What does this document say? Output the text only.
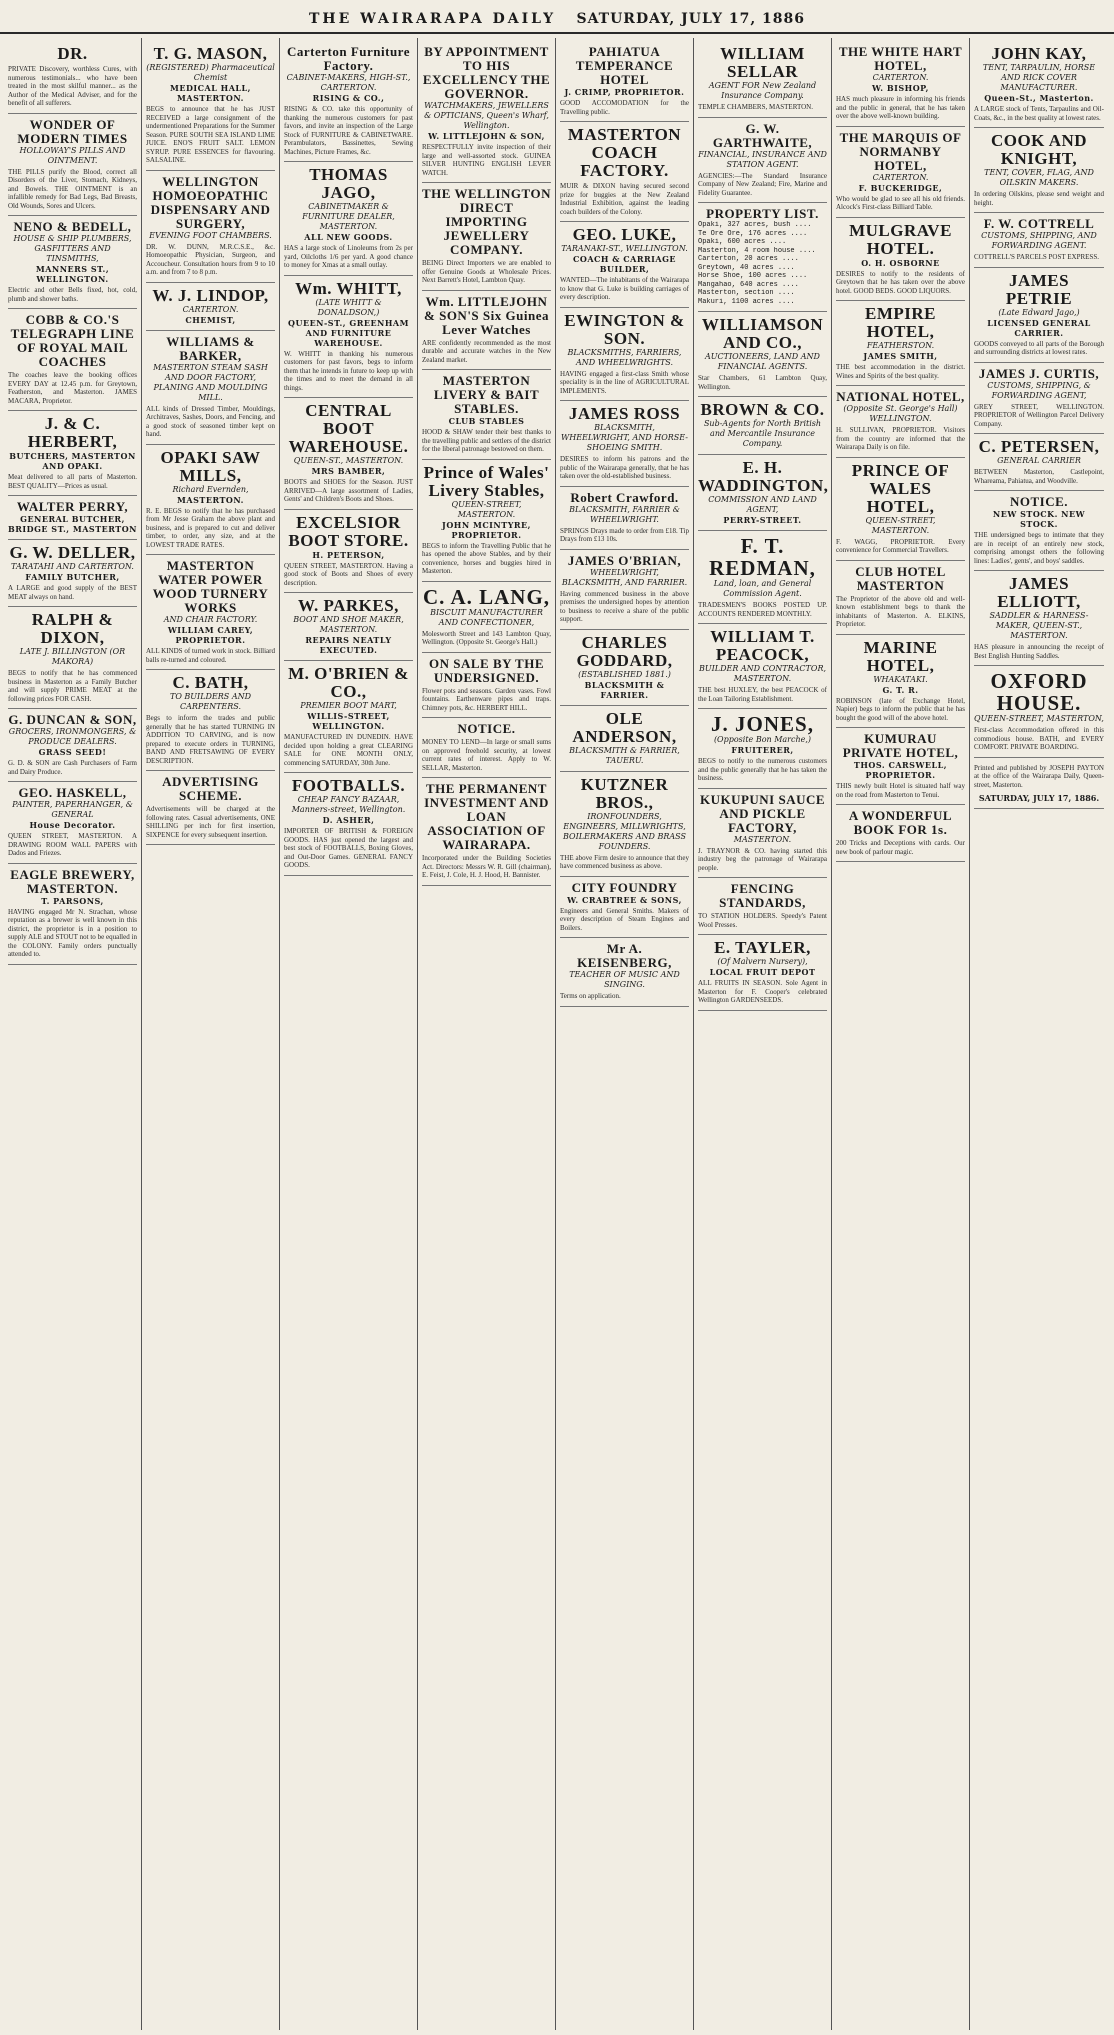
THE WAIRARAPA DAILY SATURDAY, JULY 17, 1886
DR.
PRIVATE Discovery, worthless Cures, with numerous testimonials... who have been treated in the most skilful manner... as the Author of the Medical Adviser, and for the benefit of all sufferers.
WONDER OF MODERN TIMES
HOLLOWAY'S PILLS AND OINTMENT.
THE PILLS purify the Blood, correct all Disorders of the Liver, Stomach, Kidneys, and Bowels. THE OINTMENT is an infallible remedy for Bad Legs, Bad Breasts, Old Wounds, Sores and Ulcers.
NENO & BEDELL,
HOUSE & SHIP PLUMBERS, GASFITTERS AND TINSMITHS,
MANNERS ST., WELLINGTON.
Electric and other Bells fixed, hot, cold, plumb and shower baths.
COBB & CO.'S TELEGRAPH LINE OF ROYAL MAIL COACHES
The coaches leave the booking offices EVERY DAY at 12.45 p.m. for Greytown, Featherston, and Masterton. JAMES MACARA, Proprietor.
J. & C. HERBERT,
BUTCHERS, MASTERTON AND OPAKI.
Meat delivered to all parts of Masterton. BEST QUALITY—Prices as usual.
WALTER PERRY,
GENERAL BUTCHER, BRIDGE ST., MASTERTON
G. W. DELLER,
TARATAHI AND CARTERTON.
FAMILY BUTCHER,
A LARGE and good supply of the BEST MEAT always on hand.
RALPH & DIXON,
LATE J. BILLINGTON (OR MAKORA)
BEGS to notify that he has commenced business in Masterton as a Family Butcher and will supply PRIME MEAT at the following prices FOR CASH.
G. DUNCAN & SON,
GROCERS, IRONMONGERS, & PRODUCE DEALERS.
GRASS SEED!
G. D. & SON are Cash Purchasers of Farm and Dairy Produce.
GEO. HASKELL,
PAINTER, PAPERHANGER, & GENERAL
House Decorator.
QUEEN STREET, MASTERTON. A DRAWING ROOM WALL PAPERS with Dados and Friezes.
EAGLE BREWERY, MASTERTON.
T. PARSONS,
HAVING engaged Mr N. Strachan, whose reputation as a brewer is well known in this district, the proprietor is in a position to supply ALE and STOUT not to be equalled in the COLONY. Family orders punctually attended to.
T. G. MASON,
(REGISTERED) Pharmaceutical Chemist
MEDICAL HALL, MASTERTON.
BEGS to announce that he has JUST RECEIVED a large consignment of the undermentioned Preparations for the Summer Season. PURE SOUTH SEA ISLAND LIME JUICE. ENO'S FRUIT SALT. LEMON SYRUP. PURE ESSENCES for flavouring. SALSALINE.
WELLINGTON HOMOEOPATHIC DISPENSARY AND SURGERY,
EVENING FOOT CHAMBERS.
DR. W. DUNN, M.R.C.S.E., &c. Homoeopathic Physician, Surgeon, and Accoucheur. Consultation hours from 9 to 10 a.m. and from 7 to 8 p.m.
W. J. LINDOP,
CARTERTON.
CHEMIST,
WILLIAMS & BARKER,
MASTERTON STEAM SASH AND DOOR FACTORY, PLANING AND MOULDING MILL.
ALL kinds of Dressed Timber, Mouldings, Architraves, Sashes, Doors, and Fencing, and a good stock of seasoned timber kept on hand.
OPAKI SAW MILLS,
Richard Evernden,
MASTERTON.
R. E. BEGS to notify that he has purchased from Mr Jesse Graham the above plant and business, and is prepared to cut and deliver timber, to order, any size, and at the LOWEST TRADE RATES.
MASTERTON WATER POWER WOOD TURNERY WORKS
AND CHAIR FACTORY.
WILLIAM CAREY, PROPRIETOR.
ALL KINDS of turned work in stock. Billiard balls re-turned and coloured.
C. BATH,
TO BUILDERS AND CARPENTERS.
Begs to inform the trades and public generally that he has started TURNING IN ADDITION TO CARVING, and is now prepared to execute orders in TURNING, BAND AND FRETSAWING OF EVERY DESCRIPTION.
ADVERTISING SCHEME.
Advertisements will be charged at the following rates. Casual advertisements, ONE SHILLING per inch for first insertion, SIXPENCE for every subsequent insertion.
Carterton Furniture Factory.
CABINET-MAKERS, HIGH-ST., CARTERTON.
RISING & CO.,
RISING & CO. take this opportunity of thanking the numerous customers for past favors, and invite an inspection of the Large Stock of FURNITURE & CABINETWARE. Perambulators, Bassinettes, Sewing Machines, Picture Frames, &c.
THOMAS JAGO,
CABINETMAKER & FURNITURE DEALER, MASTERTON.
ALL NEW GOODS.
HAS a large stock of Linoleums from 2s per yard, Oilcloths 1/6 per yard. A good chance to money for Xmas at a small outlay.
Wm. WHITT,
(LATE WHITT & DONALDSON,)
QUEEN-ST., GREENHAM AND FURNITURE WAREHOUSE.
W. WHITT in thanking his numerous customers for past favors, begs to inform them that he intends in future to keep up with the times and to meet the demand in all things.
CENTRAL BOOT WAREHOUSE.
QUEEN-ST., MASTERTON.
MRS BAMBER,
BOOTS and SHOES for the Season. JUST ARRIVED—A large assortment of Ladies, Gents' and Children's Boots and Shoes.
EXCELSIOR BOOT STORE.
H. PETERSON,
QUEEN STREET, MASTERTON. Having a good stock of Boots and Shoes of every description.
W. PARKES,
BOOT AND SHOE MAKER, MASTERTON.
REPAIRS NEATLY EXECUTED.
M. O'BRIEN & CO.,
PREMIER BOOT MART,
WILLIS-STREET, WELLINGTON.
MANUFACTURED IN DUNEDIN. HAVE decided upon holding a great CLEARING SALE for ONE MONTH ONLY, commencing SATURDAY, 30th June.
FOOTBALLS.
CHEAP FANCY BAZAAR, Manners-street, Wellington.
D. ASHER,
IMPORTER OF BRITISH & FOREIGN GOODS. HAS just opened the largest and best stock of FOOTBALLS, Boxing Gloves, and Out-Door Games. GENERAL FANCY GOODS.
BY APPOINTMENT TO HIS EXCELLENCY THE GOVERNOR.
WATCHMAKERS, JEWELLERS & OPTICIANS, Queen's Wharf, Wellington.
W. LITTLEJOHN & SON,
RESPECTFULLY invite inspection of their large and well-assorted stock. GUINEA SILVER HUNTING ENGLISH LEVER WATCH.
THE WELLINGTON DIRECT IMPORTING JEWELLERY COMPANY.
BEING Direct Importers we are enabled to offer Genuine Goods at Wholesale Prices. Next Barrett's Hotel, Lambton Quay.
Wm. LITTLEJOHN & SON'S Six Guinea Lever Watches
ARE confidently recommended as the most durable and accurate watches in the New Zealand market.
MASTERTON LIVERY & BAIT STABLES.
CLUB STABLES
HOOD & SHAW tender their best thanks to the travelling public and settlers of the district for the liberal patronage bestowed on them.
Prince of Wales' Livery Stables,
QUEEN-STREET, MASTERTON.
JOHN MCINTYRE, PROPRIETOR.
BEGS to inform the Travelling Public that he has opened the above Stables, and by their convenience, horses and buggies hired in Masterton.
C. A. LANG,
BISCUIT MANUFACTURER AND CONFECTIONER,
Molesworth Street and 143 Lambton Quay, Wellington. (Opposite St. George's Hall.)
ON SALE BY THE UNDERSIGNED.
Flower pots and seasons. Garden vases. Fowl fountains. Earthenware pipes and traps. Chimney pots, &c. HERBERT HILL.
NOTICE.
MONEY TO LEND—In large or small sums on approved freehold security, at lowest current rates of interest. Apply to W. SELLAR, Masterton.
THE PERMANENT INVESTMENT AND LOAN ASSOCIATION OF WAIRARAPA.
Incorporated under the Building Societies Act. Directors: Messrs W. R. Gill (chairman), E. Feist, J. Cole, H. J. Hood, H. Bannister.
PAHIATUA TEMPERANCE HOTEL
J. CRIMP, PROPRIETOR.
GOOD ACCOMODATION for the Travelling public.
MASTERTON COACH FACTORY.
MUIR & DIXON having secured second prize for buggies at the New Zealand Industrial Exhibition, against the leading coach builders of the Colony.
GEO. LUKE,
TARANAKI-ST., WELLINGTON.
COACH & CARRIAGE BUILDER,
WANTED—The inhabitants of the Wairarapa to know that G. Luke is building carriages of every description.
EWINGTON & SON.
BLACKSMITHS, FARRIERS, AND WHEELWRIGHTS.
HAVING engaged a first-class Smith whose speciality is in the line of AGRICULTURAL IMPLEMENTS.
JAMES ROSS
BLACKSMITH, WHEELWRIGHT, AND HORSE-SHOEING SMITH.
DESIRES to inform his patrons and the public of the Wairarapa generally, that he has taken over the old-established business.
Robert Crawford.
BLACKSMITH, FARRIER & WHEELWRIGHT.
SPRINGS Drays made to order from £18. Tip Drays from £13 10s.
JAMES O'BRIAN,
WHEELWRIGHT, BLACKSMITH, AND FARRIER.
Having commenced business in the above premises the undersigned hopes by attention to business to receive a share of the public support.
CHARLES GODDARD,
(ESTABLISHED 1881.)
BLACKSMITH & FARRIER.
OLE ANDERSON,
BLACKSMITH & FARRIER, TAUERU.
KUTZNER BROS.,
IRONFOUNDERS, ENGINEERS, MILLWRIGHTS, BOILERMAKERS AND BRASS FOUNDERS.
THE above Firm desire to announce that they have commenced business as above.
CITY FOUNDRY
W. CRABTREE & SONS,
Engineers and General Smiths. Makers of every description of Steam Engines and Boilers.
Mr A. KEISENBERG,
TEACHER OF MUSIC AND SINGING.
Terms on application.
WILLIAM SELLAR
AGENT FOR New Zealand Insurance Company.
TEMPLE CHAMBERS, MASTERTON.
G. W. GARTHWAITE,
FINANCIAL, INSURANCE AND STATION AGENT.
AGENCIES:—The Standard Insurance Company of New Zealand; Fire, Marine and Fidelity Guarantee.
PROPERTY LIST.
Opaki, 327 acres, bush ....
Te Ore Ore, 176 acres ....
Opaki, 600 acres ....
Masterton, 4 room house ....
Carterton, 20 acres ....
Greytown, 40 acres ....
Horse Shoe, 100 acres ....
Mangahao, 640 acres ....
Masterton, section ....
Makuri, 1100 acres ....
WILLIAMSON AND CO.,
AUCTIONEERS, LAND AND FINANCIAL AGENTS.
Star Chambers, 61 Lambton Quay, Wellington.
BROWN & CO.
Sub-Agents for North British and Mercantile Insurance Company.
E. H. WADDINGTON,
COMMISSION AND LAND AGENT,
PERRY-STREET.
F. T. REDMAN,
Land, loan, and General Commission Agent.
TRADESMEN'S BOOKS POSTED UP. ACCOUNTS RENDERED MONTHLY.
WILLIAM T. PEACOCK,
BUILDER AND CONTRACTOR, MASTERTON.
THE best HUXLEY, the best PEACOCK of the Loan Tailoring Establishment.
J. JONES,
(Opposite Bon Marche,)
FRUITERER,
BEGS to notify to the numerous customers and the public generally that he has taken the business.
KUKUPUNI SAUCE AND PICKLE FACTORY,
MASTERTON.
J. TRAYNOR & CO. having started this industry beg the patronage of Wairarapa people.
FENCING STANDARDS,
TO STATION HOLDERS. Speedy's Patent Wool Presses.
E. TAYLER,
(Of Malvern Nursery),
LOCAL FRUIT DEPOT
ALL FRUITS IN SEASON. Sole Agent in Masterton for F. Cooper's celebrated Wellington GARDENSEEDS.
THE WHITE HART HOTEL,
CARTERTON.
W. BISHOP,
HAS much pleasure in informing his friends and the public in general, that he has taken over the above well-known building.
THE MARQUIS OF NORMANBY HOTEL,
CARTERTON.
F. BUCKERIDGE,
Who would be glad to see all his old friends. Alcock's First-class Billiard Table.
MULGRAVE HOTEL.
O. H. OSBORNE
DESIRES to notify to the residents of Greytown that he has taken over the above hotel. GOOD BEDS. GOOD LIQUORS.
EMPIRE HOTEL,
FEATHERSTON.
JAMES SMITH,
THE best accommodation in the district. Wines and Spirits of the best quality.
NATIONAL HOTEL,
(Opposite St. George's Hall) WELLINGTON.
H. SULLIVAN, PROPRIETOR. Visitors from the country are informed that the Wairarapa Daily is on file.
PRINCE OF WALES HOTEL,
QUEEN-STREET, MASTERTON.
F. WAGG, PROPRIETOR. Every convenience for Commercial Travellers.
CLUB HOTEL MASTERTON
The Proprietor of the above old and well-known establishment begs to thank the inhabitants of Masterton. A. ELKINS, Proprietor.
MARINE HOTEL,
WHAKATAKI.
G. T. R.
ROBINSON (late of Exchange Hotel, Napier) begs to inform the public that he has bought the good will of the above hotel.
KUMURAU PRIVATE HOTEL,
THOS. CARSWELL, PROPRIETOR.
THIS newly built Hotel is situated half way on the road from Masterton to Tenui.
A WONDERFUL BOOK FOR 1s.
200 Tricks and Deceptions with cards. Our new book of parlour magic.
JOHN KAY,
TENT, TARPAULIN, HORSE AND RICK COVER MANUFACTURER.
Queen-St., Masterton.
A LARGE stock of Tents, Tarpaulins and Oil-Coats, &c., in the best quality at lowest rates.
COOK AND KNIGHT,
TENT, COVER, FLAG, AND OILSKIN MAKERS.
In ordering Oilskins, please send weight and height.
F. W. COTTRELL
CUSTOMS, SHIPPING, AND FORWARDING AGENT.
COTTRELL'S PARCELS POST EXPRESS.
JAMES PETRIE
(Late Edward Jago,)
LICENSED GENERAL CARRIER.
GOODS conveyed to all parts of the Borough and surrounding districts at lowest rates.
JAMES J. CURTIS,
CUSTOMS, SHIPPING, & FORWARDING AGENT,
GREY STREET, WELLINGTON. PROPRIETOR of Wellington Parcel Delivery Company.
C. PETERSEN,
GENERAL CARRIER
BETWEEN Masterton, Castlepoint, Whareama, Pahiatua, and Woodville.
NOTICE.
NEW STOCK. NEW STOCK.
THE undersigned begs to intimate that they are in receipt of an entirely new stock, comprising amongst others the following lines: Ladies', gents', and boys' saddles.
JAMES ELLIOTT,
SADDLER & HARNESS-MAKER, QUEEN-ST., MASTERTON.
HAS pleasure in announcing the receipt of Best English Hunting Saddles.
OXFORD HOUSE.
QUEEN-STREET, MASTERTON,
First-class Accommodation offered in this commodious house. BATH, and EVERY COMFORT. PRIVATE BOARDING.
Printed and published by JOSEPH PAYTON at the office of the Wairarapa Daily, Queen-street, Masterton.
SATURDAY, JULY 17, 1886.
